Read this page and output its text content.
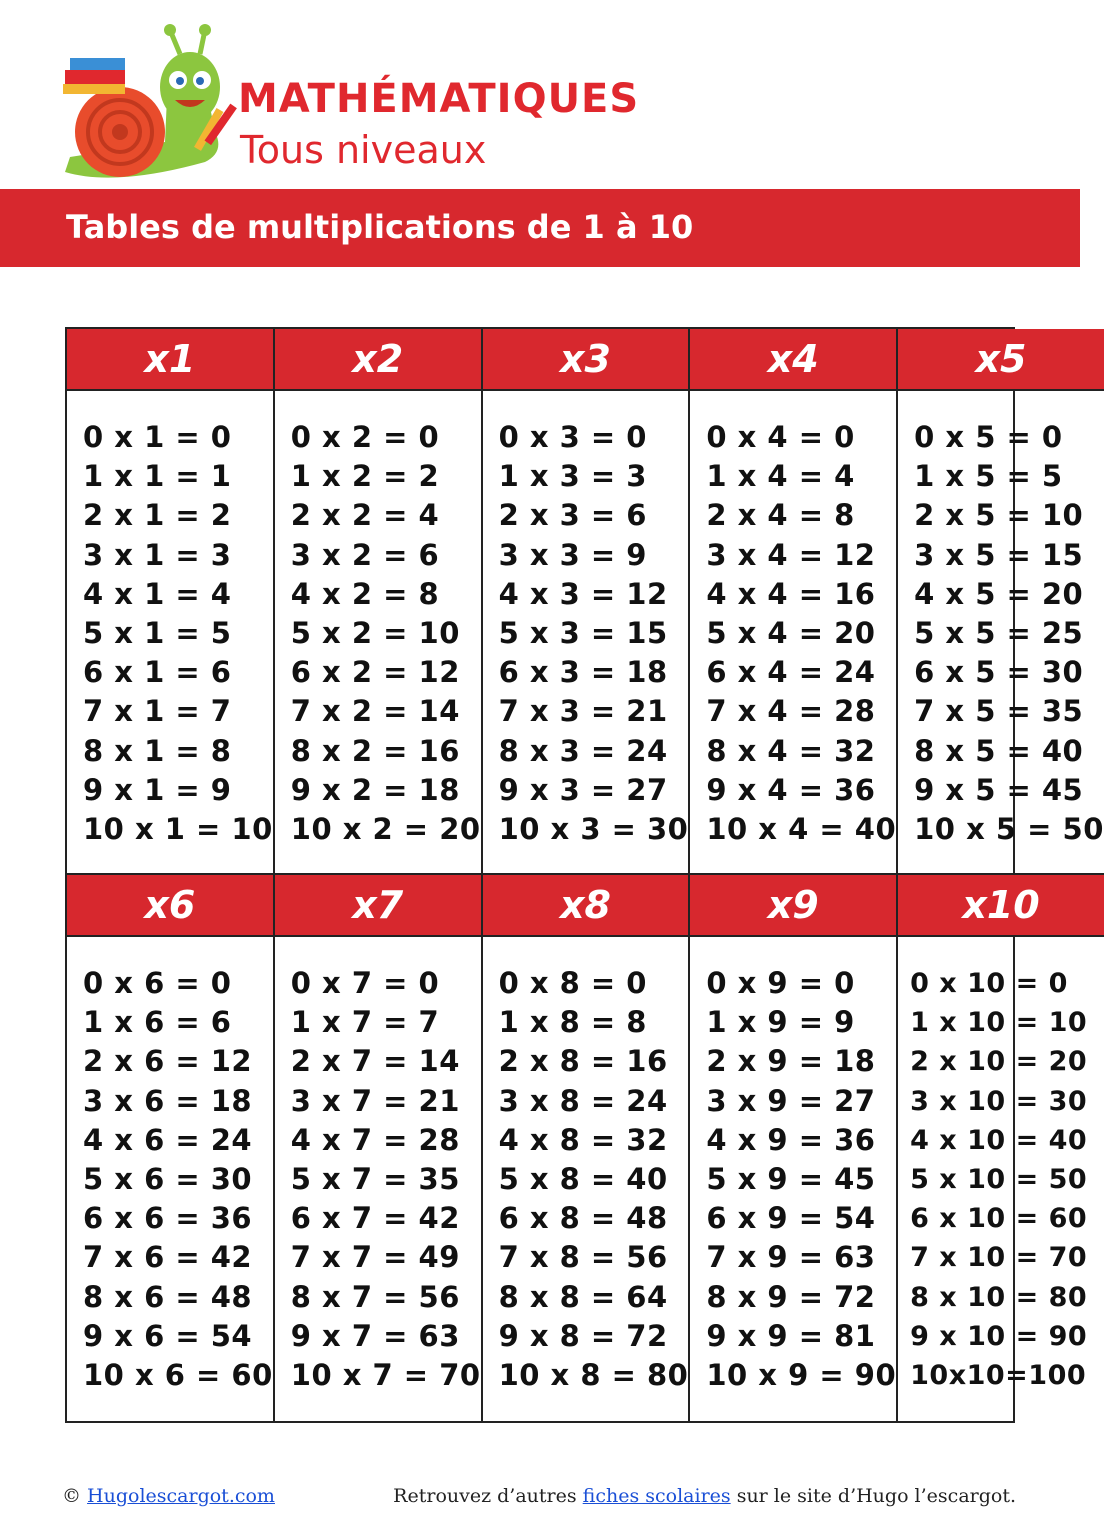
MATHÉMATIQUES
Tous niveaux
Tables de multiplications de 1 à 10
x1
0 x 1 = 0
1 x 1 = 1
2 x 1 = 2
3 x 1 = 3
4 x 1 = 4
5 x 1 = 5
6 x 1 = 6
7 x 1 = 7
8 x 1 = 8
9 x 1 = 9
10 x 1 = 10
x2
0 x 2 = 0
1 x 2 = 2
2 x 2 = 4
3 x 2 = 6
4 x 2 = 8
5 x 2 = 10
6 x 2 = 12
7 x 2 = 14
8 x 2 = 16
9 x 2 = 18
10 x 2 = 20
x3
0 x 3 = 0
1 x 3 = 3
2 x 3 = 6
3 x 3 = 9
4 x 3 = 12
5 x 3 = 15
6 x 3 = 18
7 x 3 = 21
8 x 3 = 24
9 x 3 = 27
10 x 3 = 30
x4
0 x 4 = 0
1 x 4 = 4
2 x 4 = 8
3 x 4 = 12
4 x 4 = 16
5 x 4 = 20
6 x 4 = 24
7 x 4 = 28
8 x 4 = 32
9 x 4 = 36
10 x 4 = 40
x5
0 x 5 = 0
1 x 5 = 5
2 x 5 = 10
3 x 5 = 15
4 x 5 = 20
5 x 5 = 25
6 x 5 = 30
7 x 5 = 35
8 x 5 = 40
9 x 5 = 45
10 x 5 = 50
x6
0 x 6 = 0
1 x 6 = 6
2 x 6 = 12
3 x 6 = 18
4 x 6 = 24
5 x 6 = 30
6 x 6 = 36
7 x 6 = 42
8 x 6 = 48
9 x 6 = 54
10 x 6 = 60
x7
0 x 7 = 0
1 x 7 = 7
2 x 7 = 14
3 x 7 = 21
4 x 7 = 28
5 x 7 = 35
6 x 7 = 42
7 x 7 = 49
8 x 7 = 56
9 x 7 = 63
10 x 7 = 70
x8
0 x 8 = 0
1 x 8 = 8
2 x 8 = 16
3 x 8 = 24
4 x 8 = 32
5 x 8 = 40
6 x 8 = 48
7 x 8 = 56
8 x 8 = 64
9 x 8 = 72
10 x 8 = 80
x9
0 x 9 = 0
1 x 9 = 9
2 x 9 = 18
3 x 9 = 27
4 x 9 = 36
5 x 9 = 45
6 x 9 = 54
7 x 9 = 63
8 x 9 = 72
9 x 9 = 81
10 x 9 = 90
x10
0 x 10 = 0
1 x 10 = 10
2 x 10 = 20
3 x 10 = 30
4 x 10 = 40
5 x 10 = 50
6 x 10 = 60
7 x 10 = 70
8 x 10 = 80
9 x 10 = 90
10x10=100
© Hugolescargot.com	Retrouvez d’autres fiches scolaires sur le site d’Hugo l’escargot.
